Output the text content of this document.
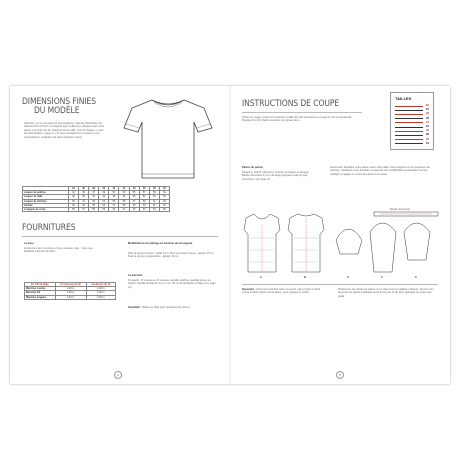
DIMENSIONS FINIES
DU MODÈLE
Attention, ce ne sont pas vos mensurations, mais les dimensions du vêtement fini A PLAT, à comparer avec celles d'un vêtement que vous aimez, pour être sûr de choisir la bonne taille. (voir le chapitre « votre tee-shirt préféré » page xx.) Si vous souhaitez les comparer à vos mensurations, multipliez par deux (tour/tour corps).
	34	36	38	40	42	44	46	48	50	52
Largeur de poitrine	44	45	47	49	51	53	55	57	59	61
Largeur de taille	39	40	42	44	46	48	50	52	54	56
Largeur de hanches	45	47	49	51	53	55	57	59	61	63
Carrure	33	34	35	36	37	38	39	40	41	42
Longueur de corps	56	57	58	59	60	61	62	63	64	65
FOURNITURES
Le tissu
Jersey de coton, ou coton et lycra, viscose, soie... Avec une élasticité minimum de 30%.
En 140 de large	En dessous du 42	Au-dessus du 42
Manches courtes	1,20 m	1,40 m
Manches 3/4	1,30 m	1,50 m
Manches longues	1,40 m	1,60 m
Modifications du métrage en fonction de la longueur
Pour la version courte : retirer 5 cm. Pour la version longue : ajouter 15 cm. Pour la version tunique/robe : ajouter 40 cm.
La mercerie
Fil assorti ; fil mousse ou fil mousse. Aiguille machine spéciale jersey ou stretch. Aiguille double de 3 ou 4 mm. 30 cm de lamifiette ou biais (voir page xx).
Facultatif : Ruban ou biais pour l'encolure dos 30 cm.
4
INSTRUCTIONS DE COUPE
Patron en rouge et noir sur la planche A taille 34 à 52. Encolures en rouge et noir sur la planche B tailles 34 à 52. Patron coutures comprises 1mm.
TAILLES
52
50
48
46
44
42
40
38
36
34
Pièces du patron
Devant A, Dos B, Manche C (courte, mi-longue ou longue), Bande d'encolure 4,5 cm de large (longueur selon le type d'encolure, voir page xx).
Après avoir décalqué votre patron selon votre taille, votre longueur et vos longueurs de manche, choisissez votre encolure et apportez des modifications éventuelles comme expliqué en pages xx, avant de passer à la coupe.
Bande d'encolure
A	B	C	C	C
Important : Votre tissu doit être avec et envers, plié en deux endroit contre endroit, lisière contre lisière, pour marquer le milieu.
Positionnez les pièces du patron sur le tissu comme indiqué ci-dessus. Prenez soin de poser les pièces indiquées au pli le long du pli du tissu. Épinglez ou posez des poids.
5
